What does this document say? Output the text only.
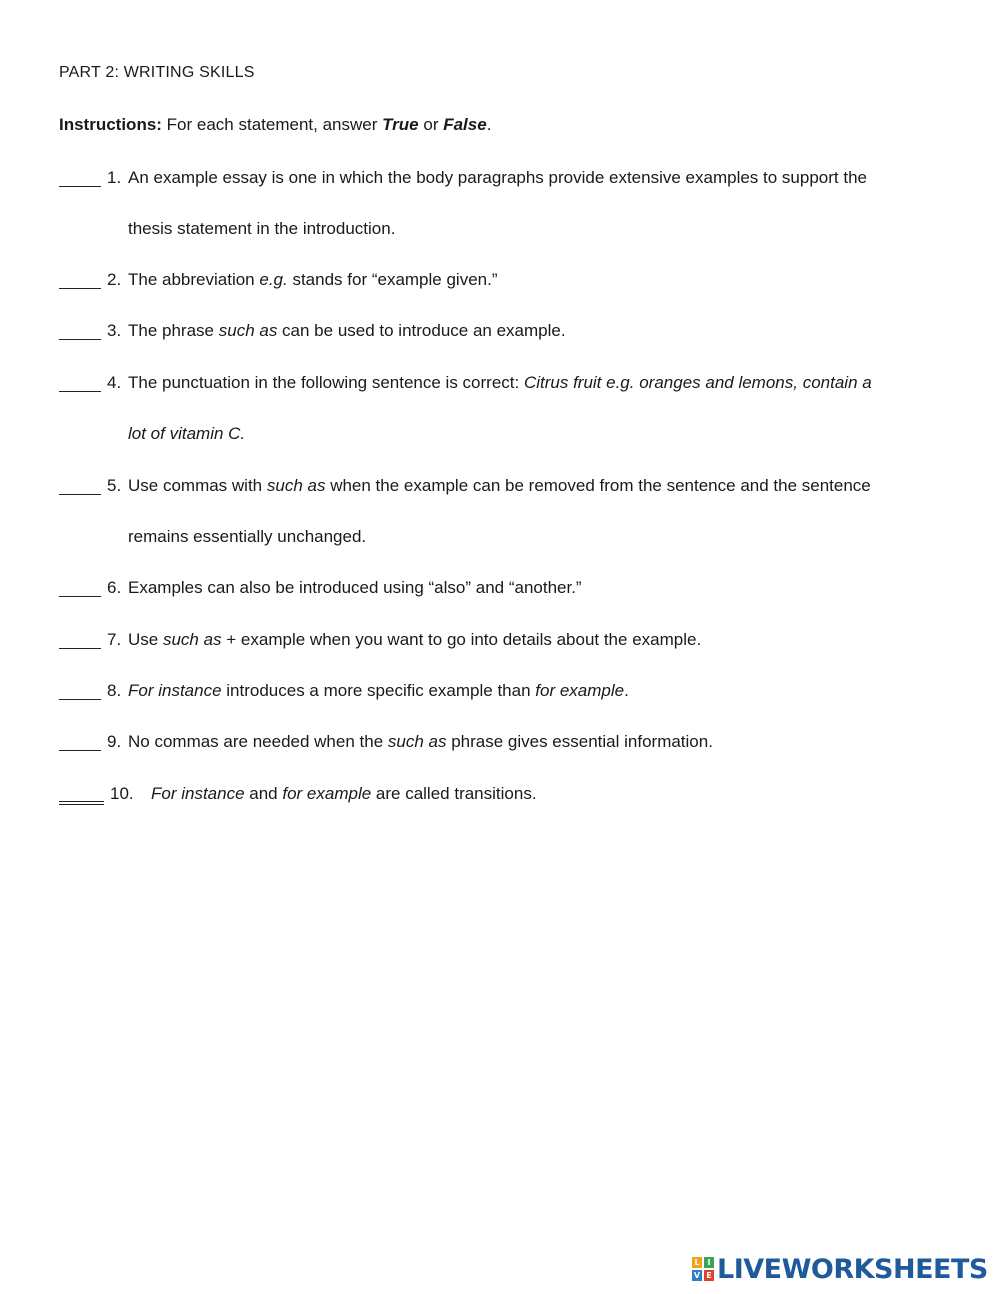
PART 2: WRITING SKILLS
Instructions: For each statement, answer True or False.
1. An example essay is one in which the body paragraphs provide extensive examples to support the
thesis statement in the introduction.
2. The abbreviation e.g. stands for “example given.”
3. The phrase such as can be used to introduce an example.
4. The punctuation in the following sentence is correct: Citrus fruit e.g. oranges and lemons, contain a
lot of vitamin C.
5. Use commas with such as when the example can be removed from the sentence and the sentence
remains essentially unchanged.
6. Examples can also be introduced using “also” and “another.”
7. Use such as + example when you want to go into details about the example.
8. For instance introduces a more specific example than for example.
9. No commas are needed when the such as phrase gives essential information.
10. For instance and for example are called transitions.
L I
V E LIVEWORKSHEETS
